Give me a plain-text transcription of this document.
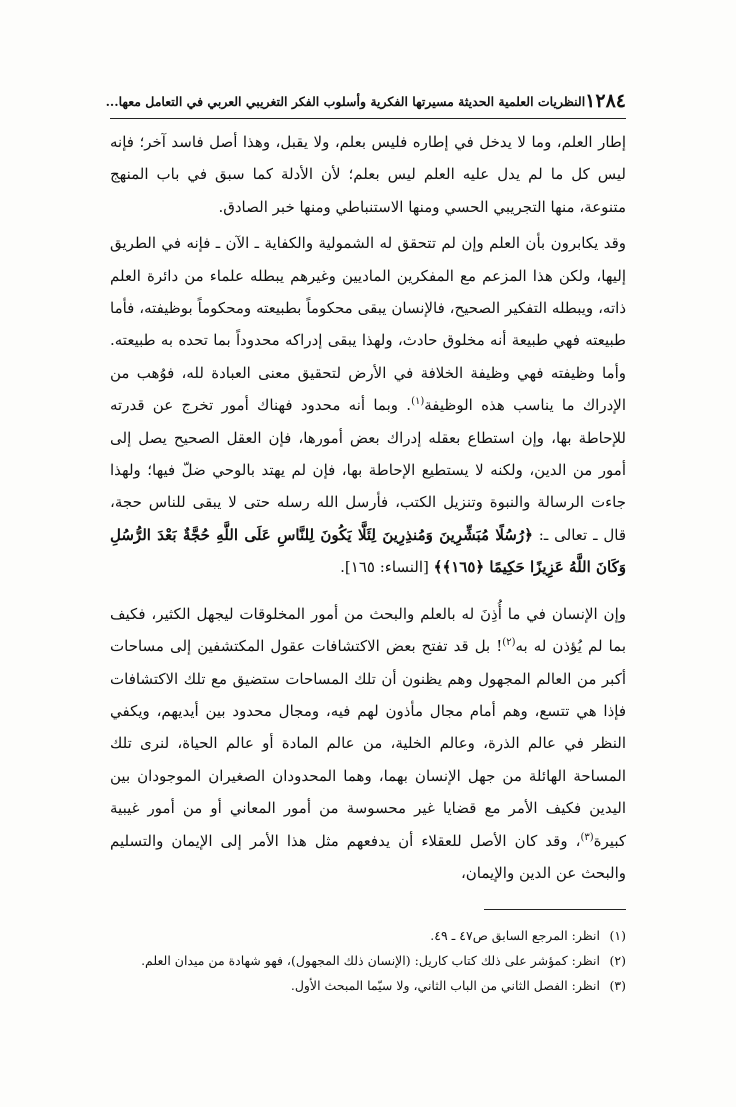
١٢٨٤
النظريات العلمية الحديثة مسيرتها الفكرية وأسلوب الفكر التغريبي العربي في التعامل معها...

إطار العلم، وما لا يدخل في إطاره فليس بعلم، ولا يقبل، وهذا أصل فاسد آخر؛ فإنه ليس كل ما لم يدل عليه العلم ليس بعلم؛ لأن الأدلة كما سبق في باب المنهج متنوعة، منها التجريبي الحسي ومنها الاستنباطي ومنها خبر الصادق.

وقد يكابرون بأن العلم وإن لم تتحقق له الشمولية والكفاية ـ الآن ـ فإنه في الطريق إليها، ولكن هذا المزعم مع المفكرين الماديين وغيرهم يبطله علماء من دائرة العلم ذاته، ويبطله التفكير الصحيح، فالإنسان يبقى محكوماً بطبيعته ومحكوماً بوظيفته، فأما طبيعته فهي طبيعة أنه مخلوق حادث، ولهذا يبقى إدراكه محدوداً بما تحده به طبيعته. وأما وظيفته فهي وظيفة الخلافة في الأرض لتحقيق معنى العبادة لله، فوُهب من الإدراك ما يناسب هذه الوظيفة$^{(١)}$. وبما أنه محدود فهناك أمور تخرج عن قدرته للإحاطة بها، وإن استطاع بعقله إدراك بعض أمورها، فإن العقل الصحيح يصل إلى أمور من الدين، ولكنه لا يستطيع الإحاطة بها، فإن لم يهتد بالوحي ضلّ فيها؛ ولهذا جاءت الرسالة والنبوة وتنزيل الكتب، فأرسل الله رسله حتى لا يبقى للناس حجة، قال ـ تعالى ـ: ﴿رُسُلًا مُبَشِّرِينَ وَمُنذِرِينَ لِئَلَّا يَكُونَ لِلنَّاسِ عَلَى اللَّهِ حُجَّةٌ بَعْدَ الرُّسُلِ وَكَانَ اللَّهُ عَزِيزًا حَكِيمًا ﴿١٦٥﴾﴾ [النساء: ١٦٥].

وإن الإنسان في ما أُذِنَ له بالعلم والبحث من أمور المخلوقات ليجهل الكثير، فكيف بما لم يُؤذن له به$^{(٢)}$! بل قد تفتح بعض الاكتشافات عقول المكتشفين إلى مساحات أكبر من العالم المجهول وهم يظنون أن تلك المساحات ستضيق مع تلك الاكتشافات فإذا هي تتسع، وهم أمام مجال مأذون لهم فيه، ومجال محدود بين أيديهم، ويكفي النظر في عالم الذرة، وعالم الخلية، من عالم المادة أو عالم الحياة، لنرى تلك المساحة الهائلة من جهل الإنسان بهما، وهما المحدودان الصغيران الموجودان بين اليدين فكيف الأمر مع قضايا غير محسوسة من أمور المعاني أو من أمور غيبية كبيرة$^{(٣)}$، وقد كان الأصل للعقلاء أن يدفعهم مثل هذا الأمر إلى الإيمان والتسليم والبحث عن الدين والإيمان،

(١)
انظر: المرجع السابق ص٤٧ ـ ٤٩.
(٢)
انظر: كمؤشر على ذلك كتاب كاريل: (الإنسان ذلك المجهول)، فهو شهادة من ميدان العلم.
(٣)
انظر: الفصل الثاني من الباب الثاني، ولا سيّما المبحث الأول.
